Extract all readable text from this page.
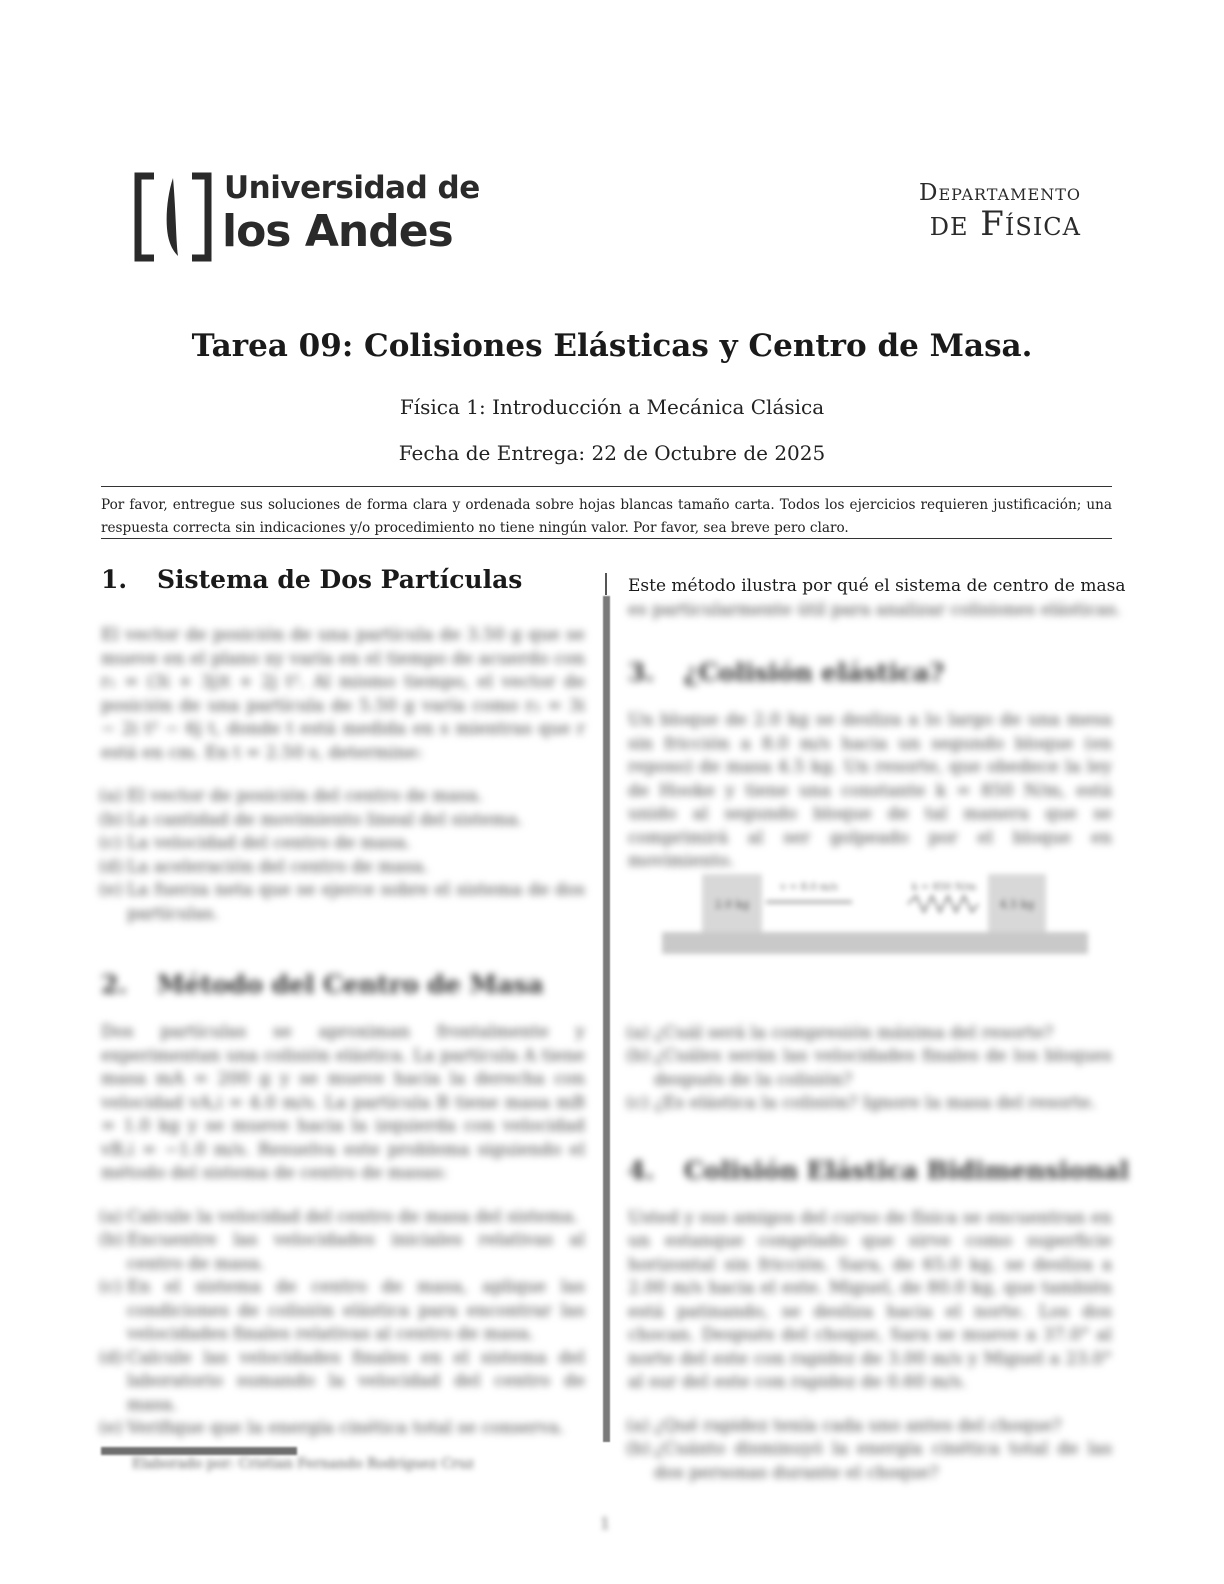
Universidad de
los Andes
Departamento
de Física
Tarea 09: Colisiones Elásticas y Centro de Masa.
Física 1: Introducción a Mecánica Clásica
Fecha de Entrega: 22 de Octubre de 2025
Por favor, entregue sus soluciones de forma clara y ordenada sobre hojas blancas tamaño carta. Todos los ejercicios requieren justificación; una respuesta correcta sin indicaciones y/o procedimiento no tiene ningún valor. Por favor, sea breve pero claro.
1. Sistema de Dos Partículas

El vector de posición de una partícula de 3.50 g que se mueve en el plano xy varía en el tiempo de acuerdo con r₁ = (3i + 3j)t + 2j t². Al mismo tiempo, el vector de posición de una partícula de 5.50 g varía como r₂ = 3i − 2i t² − 6j t, donde t está medida en s mientras que r está en cm. En t = 2.50 s, determine:

(a) El vector de posición del centro de masa.
(b) La cantidad de movimiento lineal del sistema.
(c) La velocidad del centro de masa.
(d) La aceleración del centro de masa.
(e) La fuerza neta que se ejerce sobre el sistema de dos partículas.
2. Método del Centro de Masa

Dos partículas se aproximan frontalmente y experimentan una colisión elástica. La partícula A tiene masa mA = 200 g y se mueve hacia la derecha con velocidad vA,i = 4.0 m/s. La partícula B tiene masa mB = 1.0 kg y se mueve hacia la izquierda con velocidad vB,i = −1.0 m/s. Resuelva este problema siguiendo el método del sistema de centro de masas:

(a) Calcule la velocidad del centro de masa del sistema.
(b) Encuentre las velocidades iniciales relativas al centro de masa.
(c) En el sistema de centro de masa, aplique las condiciones de colisión elástica para encontrar las velocidades finales relativas al centro de masa.
(d) Calcule las velocidades finales en el sistema del laboratorio sumando la velocidad del centro de masa.
(e) Verifique que la energía cinética total se conserva.
Este método ilustra por qué el sistema de centro de masa
es particularmente útil para analizar colisiones elásticas.
3. ¿Colisión elástica?

Un bloque de 2.0 kg se desliza a lo largo de una mesa sin fricción a 8.0 m/s hacia un segundo bloque (en reposo) de masa 4.5 kg. Un resorte, que obedece la ley de Hooke y tiene una constante k = 850 N/m, está unido al segundo bloque de tal manera que se comprimirá al ser golpeado por el bloque en movimiento.

(a) ¿Cuál será la compresión máxima del resorte?
(b) ¿Cuáles serán las velocidades finales de los bloques después de la colisión?
(c) ¿Es elástica la colisión? Ignore la masa del resorte.
4. Colisión Elástica Bidimensional

Usted y sus amigos del curso de física se encuentran en un estanque congelado que sirve como superficie horizontal sin fricción. Sara, de 65.0 kg, se desliza a 2.00 m/s hacia el este. Miguel, de 80.0 kg, que también está patinando, se desliza hacia el norte. Los dos chocan. Después del choque, Sara se mueve a 37.0° al norte del este con rapidez de 3.00 m/s y Miguel a 23.0° al sur del este con rapidez de 0.60 m/s.

(a) ¿Qué rapidez tenía cada uno antes del choque?
(b) ¿Cuánto disminuyó la energía cinética total de las dos personas durante el choque?
2.0 kg
v = 8.0 m/s	k = 850 N/m
4.5 kg
Elaborado por: Cristian Fernando Rodríguez Cruz
1
